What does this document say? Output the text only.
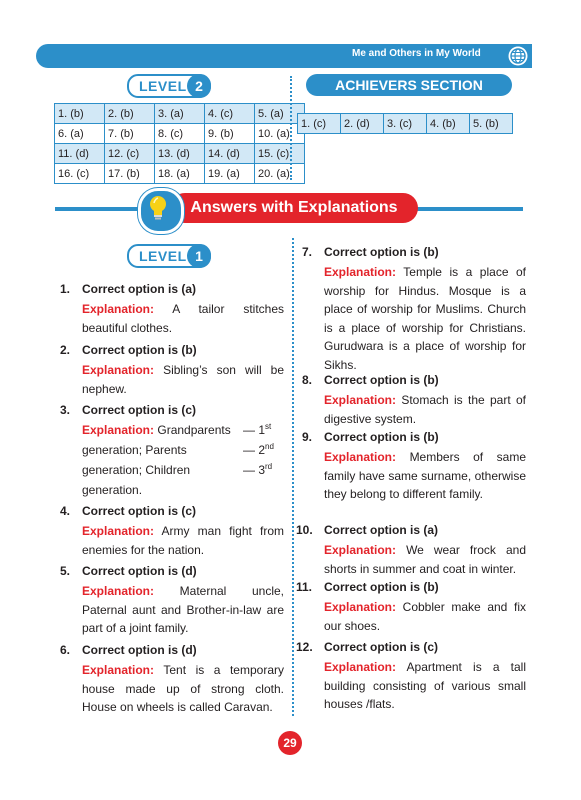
Me and Others in My World
LEVEL 2	ACHIEVERS SECTION
1. (b)	2. (b)	3. (a)	4. (c)	5. (a)
6. (a)	7. (b)	8. (c)	9. (b)	10. (a)
11. (d)	12. (c)	13. (d)	14. (d)	15. (c)
16. (c)	17. (b)	18. (a)	19. (a)	20. (a)
1. (c)	2. (d)	3. (c)	4. (b)	5. (b)
Answers with Explanations
LEVEL 1
1. Correct option is (a)
Explanation: A tailor stitches beautiful clothes.
2. Correct option is (b)
Explanation: Sibling’s son will be nephew.
3. Correct option is (c)
Explanation: Grandparents — 1st
generation; Parents	— 2nd
generation; Children	— 3rd
generation.
4. Correct option is (c)
Explanation: Army man fight from enemies for the nation.
5. Correct option is (d)
Explanation: Maternal uncle, Paternal aunt and Brother-in-law are part of a joint family.
6. Correct option is (d)
Explanation: Tent is a temporary house made up of strong cloth. House on wheels is called Caravan.
7. Correct option is (b)
Explanation: Temple is a place of worship for Hindus. Mosque is a place of worship for Muslims. Church is a place of worship for Christians. Gurudwara is a place of worship for Sikhs.
8. Correct option is (b)
Explanation: Stomach is the part of digestive system.
9. Correct option is (b)
Explanation: Members of same family have same surname, otherwise they belong to different family.
10. Correct option is (a)
Explanation: We wear frock and shorts in summer and coat in winter.
11. Correct option is (b)
Explanation: Cobbler make and fix our shoes.
12. Correct option is (c)
Explanation: Apartment is a tall building consisting of various small houses /flats.
29
